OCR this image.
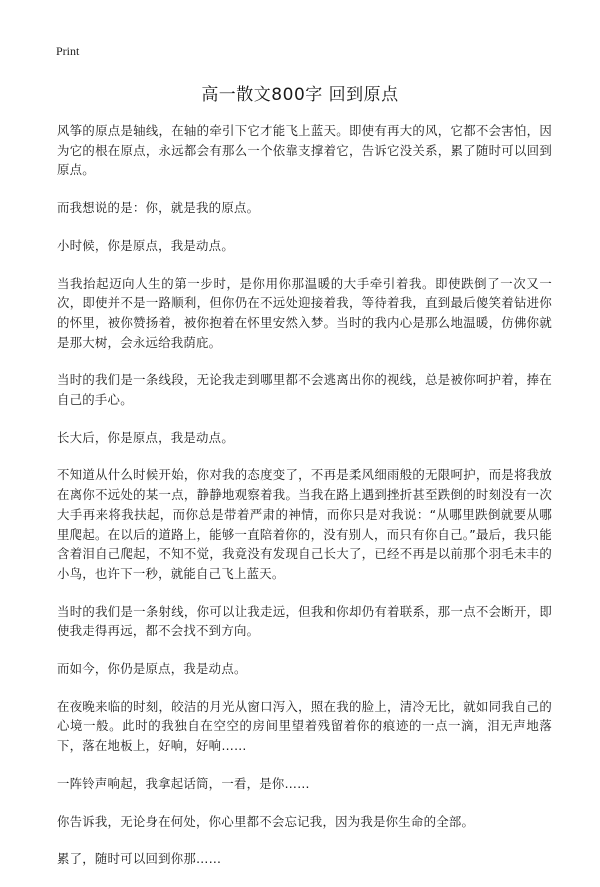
Print
高一散文800字 回到原点

风筝的原点是轴线，在轴的牵引下它才能飞上蓝天。即使有再大的风，它都不会害怕，因为它的根在原点，永远都会有那么一个依靠支撑着它，告诉它没关系，累了随时可以回到原点。

而我想说的是：你，就是我的原点。

小时候，你是原点，我是动点。

当我抬起迈向人生的第一步时，是你用你那温暖的大手牵引着我。即使跌倒了一次又一次，即使并不是一路顺利，但你仍在不远处迎接着我，等待着我，直到最后傻笑着钻进你的怀里，被你赞扬着，被你抱着在怀里安然入梦。当时的我内心是那么地温暖，仿佛你就是那大树，会永远给我荫庇。

当时的我们是一条线段，无论我走到哪里都不会逃离出你的视线，总是被你呵护着，捧在自己的手心。

长大后，你是原点，我是动点。

不知道从什么时候开始，你对我的态度变了，不再是柔风细雨般的无限呵护，而是将我放在离你不远处的某一点，静静地观察着我。当我在路上遇到挫折甚至跌倒的时刻没有一次大手再来将我扶起，而你总是带着严肃的神情，而你只是对我说：“从哪里跌倒就要从哪里爬起。在以后的道路上，能够一直陪着你的，没有别人，而只有你自己。”最后，我只能含着泪自己爬起，不知不觉，我竟没有发现自己长大了，已经不再是以前那个羽毛未丰的小鸟，也许下一秒，就能自己飞上蓝天。

当时的我们是一条射线，你可以让我走远，但我和你却仍有着联系，那一点不会断开，即使我走得再远，都不会找不到方向。

而如今，你仍是原点，我是动点。

在夜晚来临的时刻，皎洁的月光从窗口泻入，照在我的脸上，清冷无比，就如同我自己的心境一般。此时的我独自在空空的房间里望着残留着你的痕迹的一点一滴，泪无声地落下，落在地板上，好响，好响……

一阵铃声响起，我拿起话筒，一看，是你……

你告诉我，无论身在何处，你心里都不会忘记我，因为我是你生命的全部。

累了，随时可以回到你那……
